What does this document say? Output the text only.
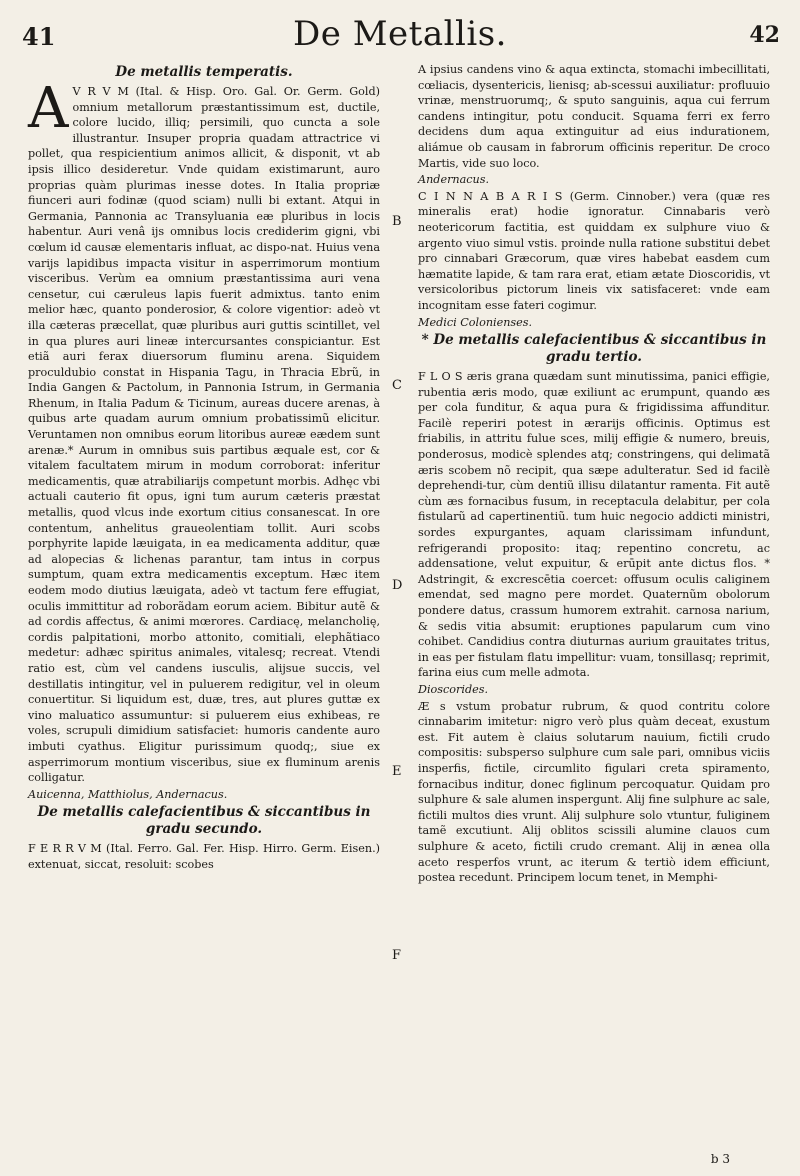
41	De Metallis.	42
De metallis temperatis.

A V R V M (Ital. & Hisp. Oro. Gal. Or. Germ. Gold) omnium metallorum præstantissimum est, ductile, colore lucido, illiq; persimili, quo cuncta a sole illustrantur. Insuper propria quadam attractrice vi pollet, qua respicientium animos allicit, & disponit, vt ab ipsis illico desideretur. Vnde quidam existimarunt, auro proprias quàm plurimas inesse dotes. In Italia propriæ fiunceri auri fodinæ (quod sciam) nulli bi extant. Atqui in Germania, Pannonia ac Transyluania eæ pluribus in locis habentur. Auri venâ ijs omnibus locis crediderim gigni, vbi cœlum id causæ elementaris influat, ac dispo-nat. Huius vena varijs lapidibus impacta visitur in asperrimorum montium visceribus. Verùm ea omnium præstantissima auri vena censetur, cui cæruleus lapis fuerit admixtus. tanto enim melior hæc, quanto ponderosior, & colore vigentior: adeò vt illa cæteras præcellat, quæ pluribus auri guttis scintillet, vel in qua plures auri lineæ intercursantes conspiciantur. Est etiã auri ferax diuersorum fluminu arena. Siquidem proculdubio constat in Hispania Tagu, in Thracia Ebrũ, in India Gangen & Pactolum, in Pannonia Istrum, in Germania Rhenum, in Italia Padum & Ticinum, aureas ducere arenas, à quibus arte quadam aurum omnium probatissimũ elicitur. Veruntamen non omnibus eorum litoribus aureæ eædem sunt arenæ.* Aurum in omnibus suis partibus æquale est, cor & vitalem facultatem mirum in modum corroborat: inferitur medicamentis, quæ atrabiliarijs competunt morbis. Adhęc vbi actuali cauterio fit opus, igni tum aurum cæteris præstat metallis, quod vlcus inde exortum citius consanescat. In ore contentum, anhelitus graueolentiam tollit. Auri scobs porphyrite lapide læuigata, in ea medicamenta additur, quæ ad alopecias & lichenas parantur, tam intus in corpus sumptum, quam extra medicamentis exceptum. Hæc item eodem modo diutius læuigata, adeò vt tactum fere effugiat, oculis immittitur ad roborãdam eorum aciem. Bibitur autẽ & ad cordis affectus, & animi mœrores. Cardiacę, melancholię, cordis palpitationi, morbo attonito, comitiali, elephãtiaco medetur: adhæc spiritus animales, vitalesq; recreat. Vtendi ratio est, cùm vel candens iusculis, alijsue succis, vel destillatis intingitur, vel in puluerem redigitur, vel in oleum conuertitur. Si liquidum est, duæ, tres, aut plures guttæ ex vino maluatico assumuntur: si puluerem eius exhibeas, re voles, scrupuli dimidium satisfaciet: humoris candente auro imbuti cyathus. Eligitur purissimum quodq;, siue ex asperrimorum montium visceribus, siue ex fluminum arenis colligatur.

Auicenna, Matthiolus, Andernacus.

De metallis calefacientibus & siccantibus in gradu secundo.

F E R R V M (Ital. Ferro. Gal. Fer. Hisp. Hirro. Germ. Eisen.) extenuat, siccat, resoluit: scobes

A ipsius candens vino & aqua extincta, stomachi imbecillitati, cœliacis, dysentericis, lienisq; ab-scessui auxiliatur: profluuio vrinæ, menstruorumq;, & sputo sanguinis, aqua cui ferrum candens intingitur, potu conducit. Squama ferri ex ferro decidens dum aqua extinguitur ad eius indurationem, aliámue ob causam in fabrorum officinis reperitur. De croco Martis, vide suo loco.

Andernacus.

C I N N A B A R I S (Germ. Cinnober.) vera (quæ res mineralis erat) hodie ignoratur. Cinnabaris verò neotericorum factitia, est quiddam ex sulphure viuo & argento viuo simul vstis. proinde nulla ratione substitui debet pro cinnabari Græcorum, quæ vires habebat easdem cum hæmatite lapide, & tam rara erat, etiam ætate Dioscoridis, vt versicoloribus pictorum lineis vix satisfaceret: vnde eam incognitam esse fateri cogimur.

Medici Colonienses.

* De metallis calefacientibus & siccantibus in gradu tertio.

F L O S æris grana quædam sunt minutissima, panici effigie, rubentia æris modo, quæ exiliunt ac erumpunt, quando æs per cola funditur, & aqua pura & frigidissima affunditur. Facilè reperiri potest in ærarijs officinis. Optimus est friabilis, in attritu fulue sces, milij effigie & numero, breuis, ponderosus, modicè splendes atq; constringens, qui delimatã æris scobem nõ recipit, qua sæpe adulteratur. Sed id facilè deprehendi-tur, cùm dentiũ illisu dilatantur ramenta. Fit autẽ cùm æs fornacibus fusum, in receptacula delabitur, per cola fistularũ ad capertinentiũ. tum huic negocio addicti ministri, sordes expurgantes, aquam clarissimam infundunt, refrigerandi proposito: itaq; repentino concretu, ac addensatione, velut expuitur, & erūpit ante dictus flos. * Adstringit, & excrescētia coercet: offusum oculis caliginem emendat, sed magno pere mordet. Quaternũm obolorum pondere datus, crassum humorem extrahit. carnosa narium, & sedis vitia absumit: eruptiones papularum cum vino cohibet. Candidius contra diuturnas aurium grauitates tritus, in eas per fistulam flatu impellitur: vuam, tonsillasq; reprimit, farina eius cum melle admota.

Dioscorides.

Æ s vstum probatur rubrum, & quod contritu colore cinnabarim imitetur: nigro verò plus quàm deceat, exustum est. Fit autem è claius solutarum nauium, fictili crudo compositis: subsperso sulphure cum sale pari, omnibus viciis insperfis, fictile, circumlito figulari creta spiramento, fornacibus inditur, donec figlinum percoquatur. Quidam pro sulphure & sale alumen inspergunt. Alij fine sulphure ac sale, fictili multos dies vrunt. Alij sulphure solo vtuntur, fuliginem tamẽ excutiunt. Alij oblitos scissili alumine clauos cum sulphure & aceto, fictili crudo cremant. Alij in ænea olla aceto resperfos vrunt, ac iterum & tertiò idem efficiunt, postea recedunt. Principem locum tenet, in Memphi-

B
C
D
E
F
b 3
